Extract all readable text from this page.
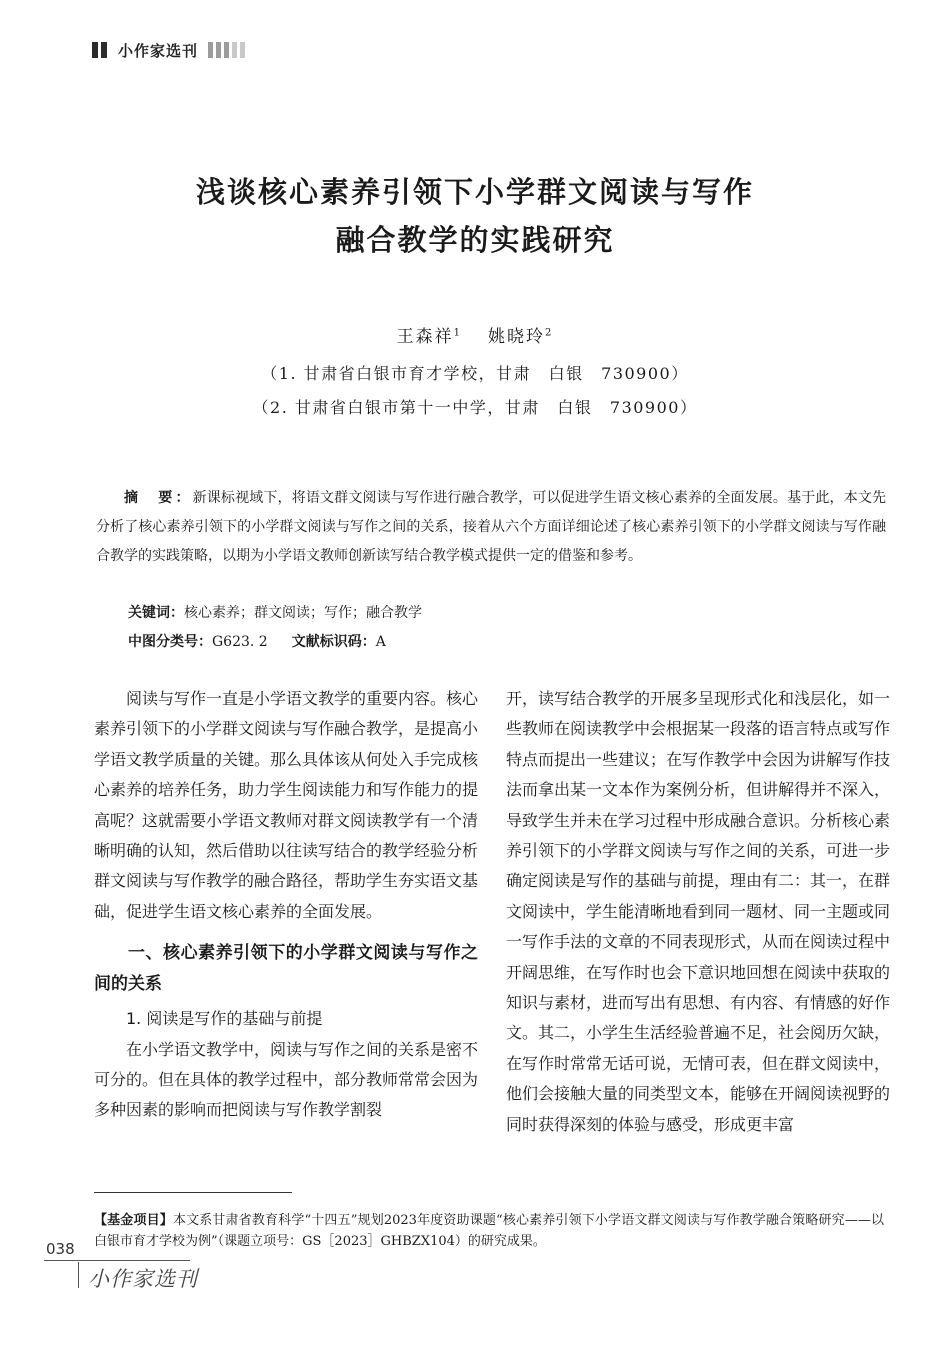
小作家选刊
浅谈核心素养引领下小学群文阅读与写作
融合教学的实践研究
王森祥$^1$ 姚晓玲$^2$
（1. 甘肃省白银市育才学校，甘肃　白银　730900）
（2. 甘肃省白银市第十一中学，甘肃　白银　730900）
摘　要：新课标视域下，将语文群文阅读与写作进行融合教学，可以促进学生语文核心素养的全面发展。基于此，本文先分析了核心素养引领下的小学群文阅读与写作之间的关系，接着从六个方面详细论述了核心素养引领下的小学群文阅读与写作融合教学的实践策略，以期为小学语文教师创新读写结合教学模式提供一定的借鉴和参考。
关键词：核心素养；群文阅读；写作；融合教学
中图分类号：G623. 2 文献标识码：A

阅读与写作一直是小学语文教学的重要内容。核心素养引领下的小学群文阅读与写作融合教学，是提高小学语文教学质量的关键。那么具体该从何处入手完成核心素养的培养任务，助力学生阅读能力和写作能力的提高呢？这就需要小学语文教师对群文阅读教学有一个清晰明确的认知，然后借助以往读写结合的教学经验分析群文阅读与写作教学的融合路径，帮助学生夯实语文基础，促进学生语文核心素养的全面发展。

一、核心素养引领下的小学群文阅读与写作之间的关系

1. 阅读是写作的基础与前提

在小学语文教学中，阅读与写作之间的关系是密不可分的。但在具体的教学过程中，部分教师常常会因为多种因素的影响而把阅读与写作教学割裂

开，读写结合教学的开展多呈现形式化和浅层化，如一些教师在阅读教学中会根据某一段落的语言特点或写作特点而提出一些建议；在写作教学中会因为讲解写作技法而拿出某一文本作为案例分析，但讲解得并不深入，导致学生并未在学习过程中形成融合意识。分析核心素养引领下的小学群文阅读与写作之间的关系，可进一步确定阅读是写作的基础与前提，理由有二：其一，在群文阅读中，学生能清晰地看到同一题材、同一主题或同一写作手法的文章的不同表现形式，从而在阅读过程中开阔思维，在写作时也会下意识地回想在阅读中获取的知识与素材，进而写出有思想、有内容、有情感的好作文。其二，小学生生活经验普遍不足，社会阅历欠缺，在写作时常常无话可说，无情可表，但在群文阅读中，他们会接触大量的同类型文本，能够在开阔阅读视野的同时获得深刻的体验与感受，形成更丰富

【基金项目】本文系甘肃省教育科学“十四五”规划2023年度资助课题“核心素养引领下小学语文群文阅读与写作教学融合策略研究——以白银市育才学校为例”（课题立项号：GS［2023］GHBZX104）的研究成果。
038
小作家选刊
